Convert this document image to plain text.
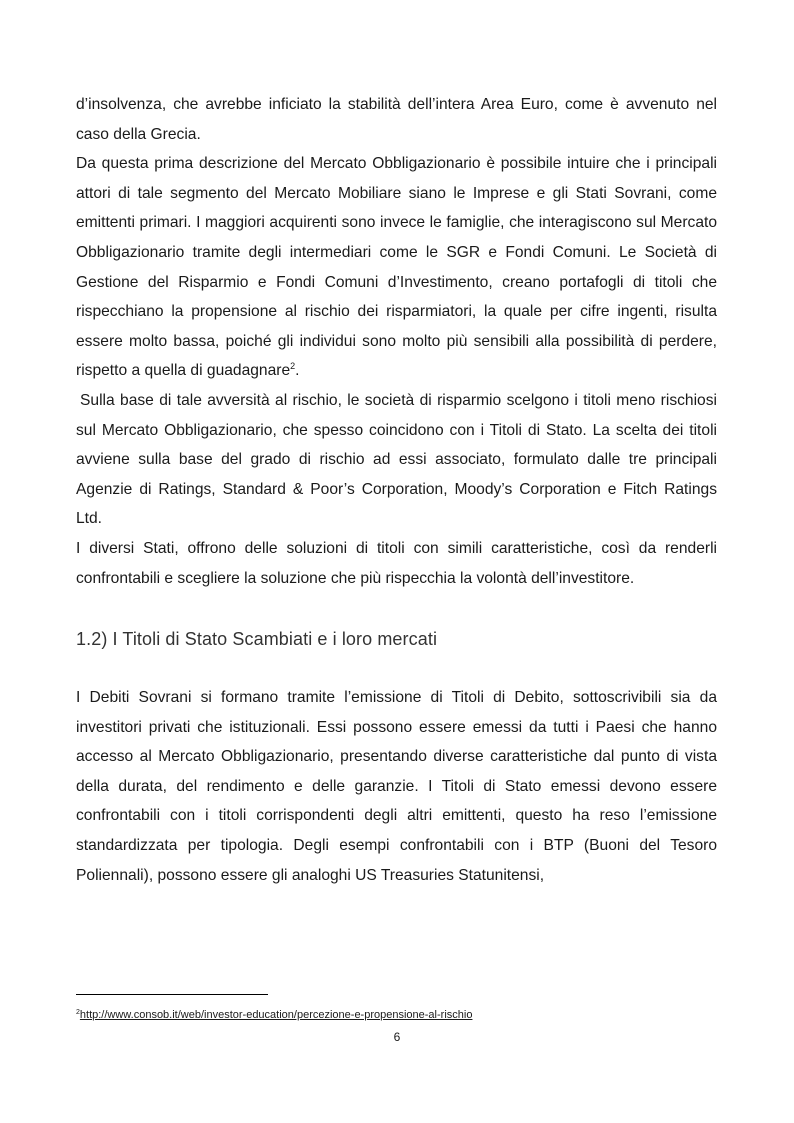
d’insolvenza, che avrebbe inficiato la stabilità dell’intera Area Euro, come è avvenuto nel caso della Grecia.

Da questa prima descrizione del Mercato Obbligazionario è possibile intuire che i principali attori di tale segmento del Mercato Mobiliare siano le Imprese e gli Stati Sovrani, come emittenti primari. I maggiori acquirenti sono invece le famiglie, che interagiscono sul Mercato Obbligazionario tramite degli intermediari come le SGR e Fondi Comuni. Le Società di Gestione del Risparmio e Fondi Comuni d’Investimento, creano portafogli di titoli che rispecchiano la propensione al rischio dei risparmiatori, la quale per cifre ingenti, risulta essere molto bassa, poiché gli individui sono molto più sensibili alla possibilità di perdere, rispetto a quella di guadagnare$^2$.

Sulla base di tale avversità al rischio, le società di risparmio scelgono i titoli meno rischiosi sul Mercato Obbligazionario, che spesso coincidono con i Titoli di Stato. La scelta dei titoli avviene sulla base del grado di rischio ad essi associato, formulato dalle tre principali Agenzie di Ratings, Standard & Poor’s Corporation, Moody’s Corporation e Fitch Ratings Ltd.

I diversi Stati, offrono delle soluzioni di titoli con simili caratteristiche, così da renderli confrontabili e scegliere la soluzione che più rispecchia la volontà dell’investitore.

1.2) I Titoli di Stato Scambiati e i loro mercati

I Debiti Sovrani si formano tramite l’emissione di Titoli di Debito, sottoscrivibili sia da investitori privati che istituzionali. Essi possono essere emessi da tutti i Paesi che hanno accesso al Mercato Obbligazionario, presentando diverse caratteristiche dal punto di vista della durata, del rendimento e delle garanzie. I Titoli di Stato emessi devono essere confrontabili con i titoli corrispondenti degli altri emittenti, questo ha reso l’emissione standardizzata per tipologia. Degli esempi confrontabili con i BTP (Buoni del Tesoro Poliennali), possono essere gli analoghi US Treasuries Statunitensi,

$^2$http://www.consob.it/web/investor-education/percezione-e-propensione-al-rischio
6
